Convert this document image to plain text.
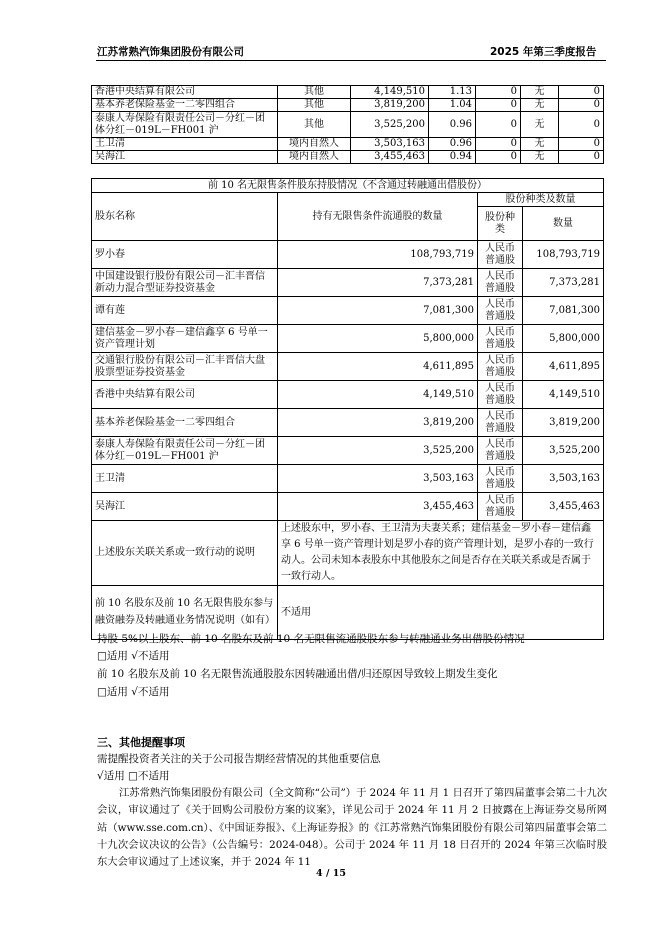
江苏常熟汽饰集团股份有限公司	2025 年第三季度报告
香港中央结算有限公司	其他	4,149,510	1.13	0	无	0
基本养老保险基金一二零四组合	其他	3,819,200	1.04	0	无	0
泰康人寿保险有限责任公司－分红－团体分红－019L－FH001 沪	其他	3,525,200	0.96	0	无	0
王卫清	境内自然人	3,503,163	0.96	0	无	0
吴海江	境内自然人	3,455,463	0.94	0	无	0
前 10 名无限售条件股东持股情况（不含通过转融通出借股份）			
股东名称	持有无限售条件流通股的数量	股份种类及数量	
		股份种类	数量
罗小春	108,793,719	人民币普通股	108,793,719
中国建设银行股份有限公司－汇丰晋信新动力混合型证券投资基金	7,373,281	人民币普通股	7,373,281
谭有莲	7,081,300	人民币普通股	7,081,300
建信基金－罗小春－建信鑫享 6 号单一资产管理计划	5,800,000	人民币普通股	5,800,000
交通银行股份有限公司－汇丰晋信大盘股票型证券投资基金	4,611,895	人民币普通股	4,611,895
香港中央结算有限公司	4,149,510	人民币普通股	4,149,510
基本养老保险基金一二零四组合	3,819,200	人民币普通股	3,819,200
泰康人寿保险有限责任公司－分红－团体分红－019L－FH001 沪	3,525,200	人民币普通股	3,525,200
王卫清	3,503,163	人民币普通股	3,503,163
吴海江	3,455,463	人民币普通股	3,455,463
上述股东关联关系或一致行动的说明	上述股东中，罗小春、王卫清为夫妻关系；建信基金－罗小春－建信鑫享 6 号单一资产管理计划是罗小春的资产管理计划，是罗小春的一致行动人。公司未知本表股东中其他股东之间是否存在关联关系或是否属于一致行动人。		
前 10 名股东及前 10 名无限售股东参与融资融券及转融通业务情况说明（如有）	不适用		
持股 5%以上股东、前 10 名股东及前 10 名无限售流通股股东参与转融通业务出借股份情况
□适用 √不适用
前 10 名股东及前 10 名无限售流通股股东因转融通出借/归还原因导致较上期发生变化
□适用 √不适用
三、其他提醒事项
需提醒投资者关注的关于公司报告期经营情况的其他重要信息
√适用 □不适用
江苏常熟汽饰集团股份有限公司（全文简称“公司”）于 2024 年 11 月 1 日召开了第四届董事会第二十九次会议，审议通过了《关于回购公司股份方案的议案》，详见公司于 2024 年 11 月 2 日披露在上海证券交易所网站（www.sse.com.cn）、《中国证券报》、《上海证券报》的《江苏常熟汽饰集团股份有限公司第四届董事会第二十九次会议决议的公告》（公告编号：2024-048）。公司于 2024 年 11 月 18 日召开的 2024 年第三次临时股东大会审议通过了上述议案，并于 2024 年 11
4 / 15
